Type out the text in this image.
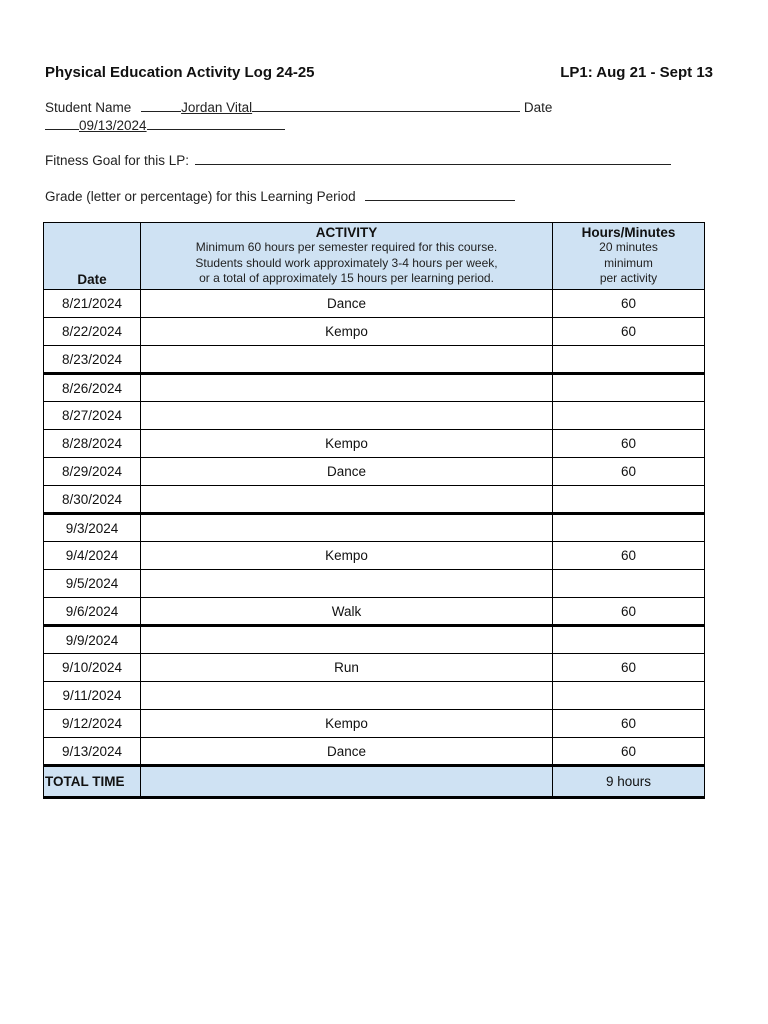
Physical Education Activity Log 24-25	LP1: Aug 21 - Sept 13
Student Name	Jordan Vital	Date
09/13/2024
Fitness Goal for this LP:
Grade (letter or percentage) for this Learning Period
Date	ACTIVITY
Minimum 60 hours per semester required for this course.
Students should work approximately 3-4 hours per week,
or a total of approximately 15 hours per learning period.	Hours/Minutes
20 minutes
minimum
per activity

8/21/2024	Dance	60
8/22/2024	Kempo	60
8/23/2024		
8/26/2024		
8/27/2024		
8/28/2024	Kempo	60
8/29/2024	Dance	60
8/30/2024		
9/3/2024		
9/4/2024	Kempo	60
9/5/2024		
9/6/2024	Walk	60
9/9/2024		
9/10/2024	Run	60
9/11/2024		
9/12/2024	Kempo	60
9/13/2024	Dance	60
TOTAL TIME		9 hours
